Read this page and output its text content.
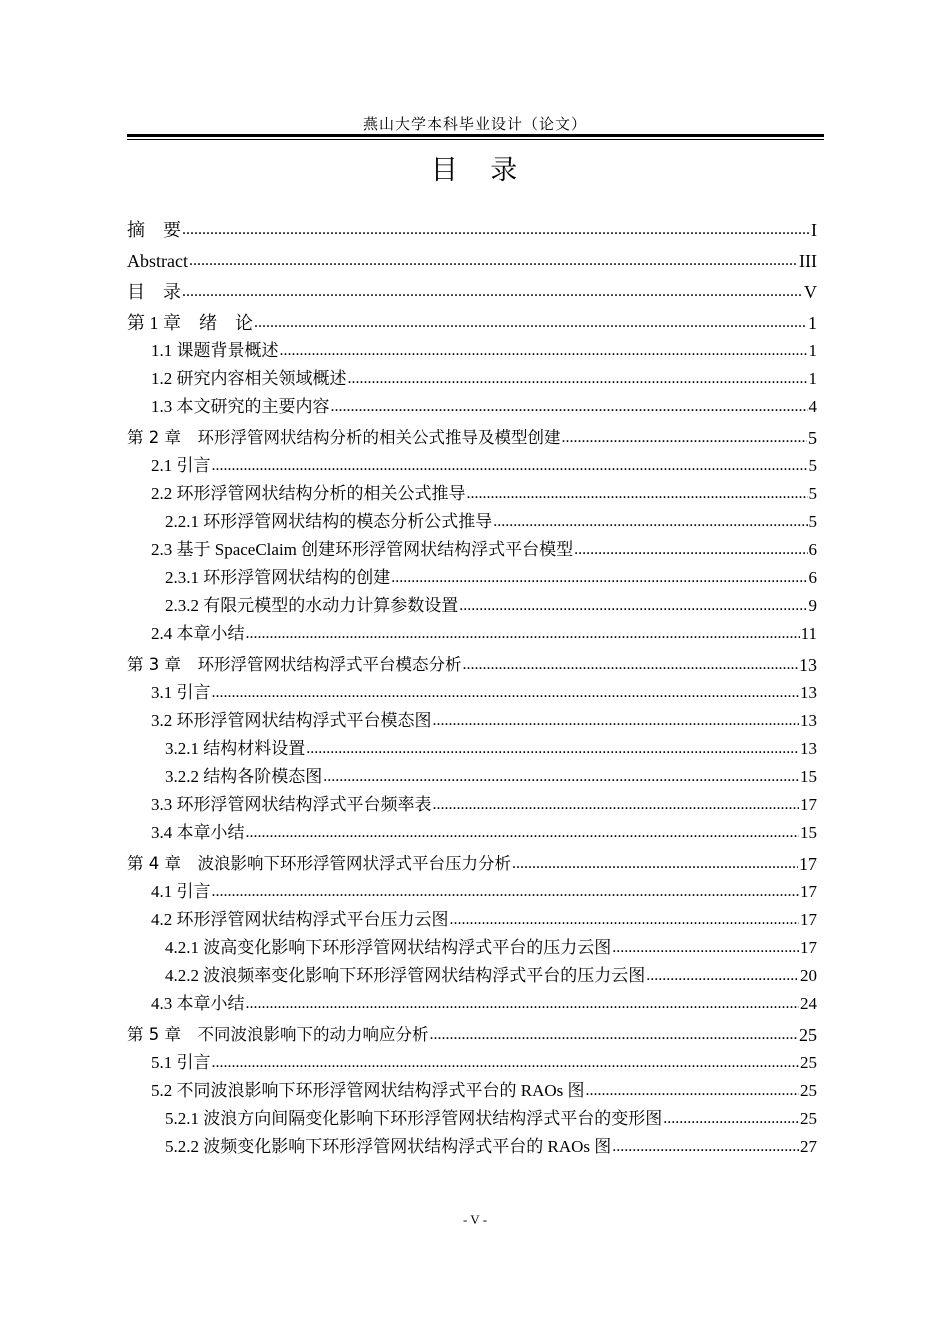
燕山大学本科毕业设计（论文）
目 录
摘　要 .....	I
Abstract .....	III
目　录 .....	V
第 1 章　绪　论 .....	1
1.1 课题背景概述 .....	1
1.2 研究内容相关领域概述 .....	1
1.3 本文研究的主要内容 .....	4
第 2 章　环形浮管网状结构分析的相关公式推导及模型创建 .....	5
2.1 引言 .....	5
2.2 环形浮管网状结构分析的相关公式推导 .....	5
2.2.1 环形浮管网状结构的模态分析公式推导 .....	5
2.3 基于 SpaceClaim 创建环形浮管网状结构浮式平台模型 .....	6
2.3.1 环形浮管网状结构的创建 .....	6
2.3.2 有限元模型的水动力计算参数设置 .....	9
2.4 本章小结 .....	11
第 3 章　环形浮管网状结构浮式平台模态分析 .....	13
3.1 引言 .....	13
3.2 环形浮管网状结构浮式平台模态图 .....	13
3.2.1 结构材料设置 .....	13
3.2.2 结构各阶模态图 .....	15
3.3 环形浮管网状结构浮式平台频率表 .....	17
3.4 本章小结 .....	15
第 4 章　波浪影响下环形浮管网状浮式平台压力分析 .....	17
4.1 引言 .....	17
4.2 环形浮管网状结构浮式平台压力云图 .....	17
4.2.1 波高变化影响下环形浮管网状结构浮式平台的压力云图 .....	17
4.2.2 波浪频率变化影响下环形浮管网状结构浮式平台的压力云图 .....	20
4.3 本章小结 .....	24
第 5 章　不同波浪影响下的动力响应分析 .....	25
5.1 引言 .....	25
5.2 不同波浪影响下环形浮管网状结构浮式平台的 RAOs 图 .....	25
5.2.1 波浪方向间隔变化影响下环形浮管网状结构浮式平台的变形图 .....	25
5.2.2 波频变化影响下环形浮管网状结构浮式平台的 RAOs 图 .....	27
- V -
